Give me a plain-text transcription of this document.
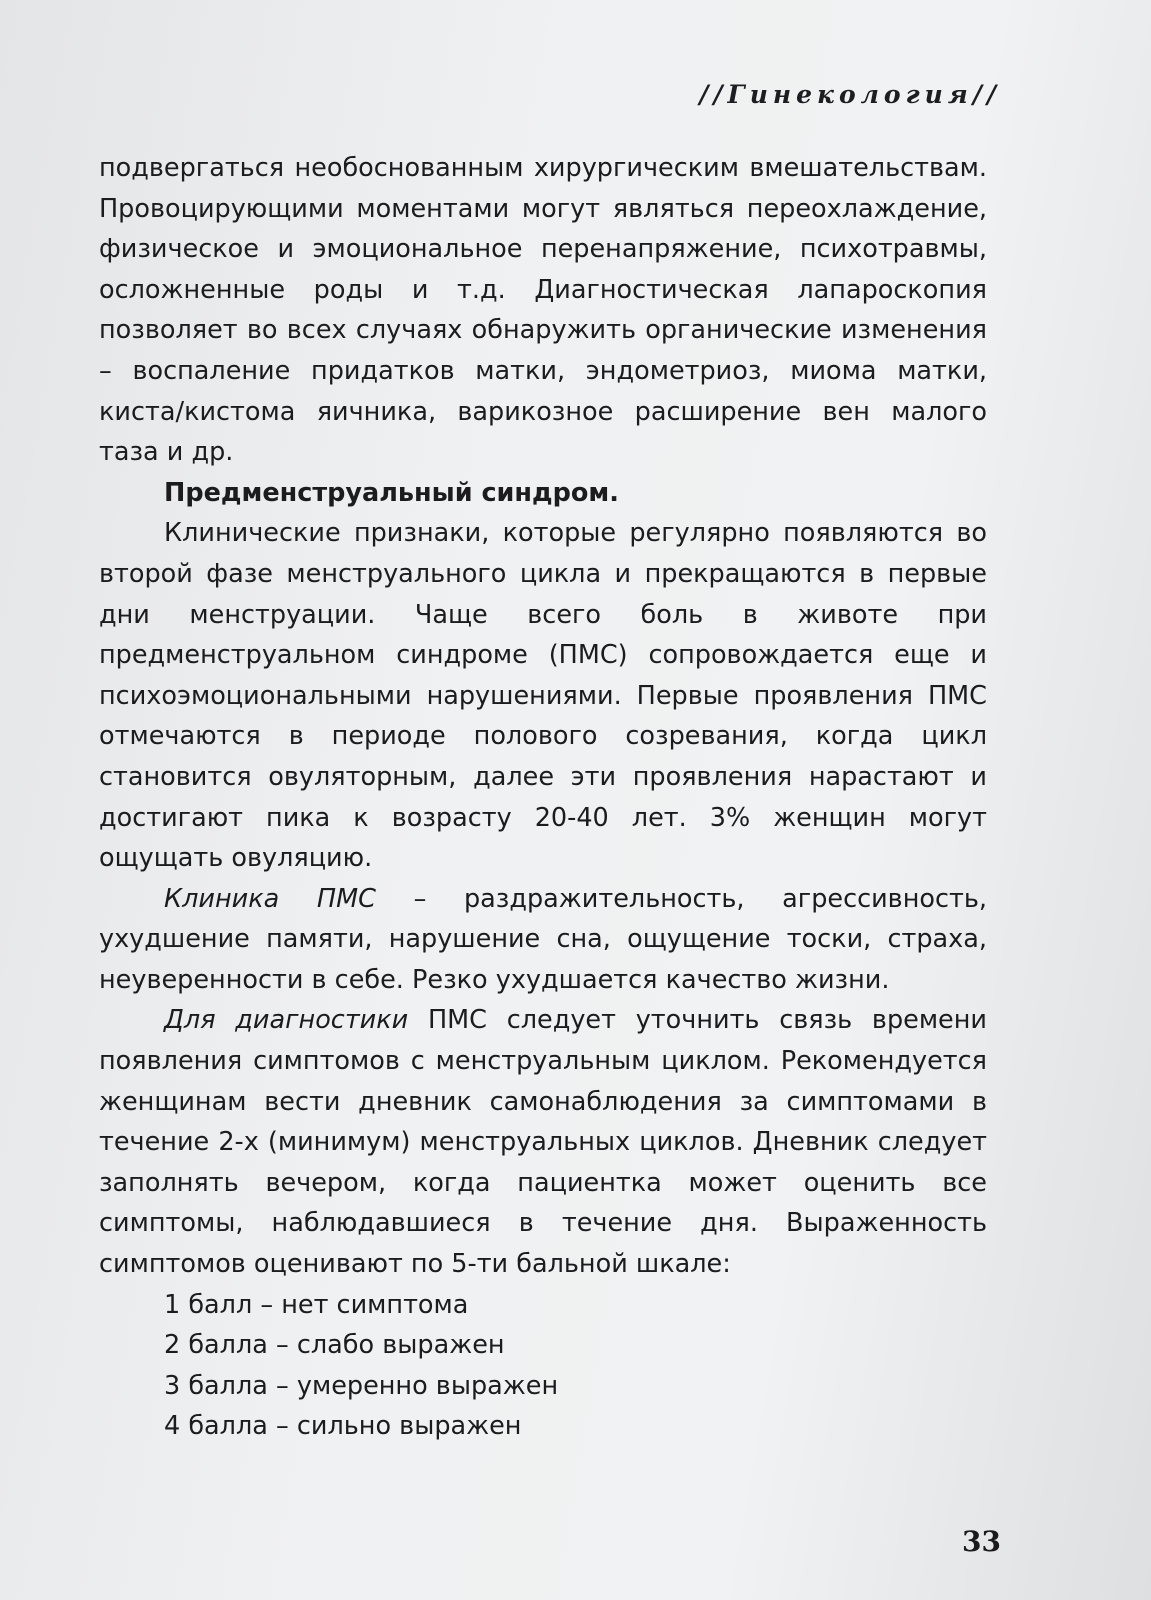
//Гинекология//

подвергаться необоснованным хирургическим вмешательствам. Провоцирующими моментами могут являться переохлаждение, физическое и эмоциональное перенапряжение, психотравмы, осложненные роды и т.д. Диагностическая лапароскопия позволяет во всех случаях обнаружить органические изменения – воспаление придатков матки, эндометриоз, миома матки, киста/кистома яичника, варикозное расширение вен малого таза и др.

Предменструальный синдром.

Клинические признаки, которые регулярно появляются во второй фазе менструального цикла и прекращаются в первые дни менструации. Чаще всего боль в животе при предменструальном синдроме (ПМС) сопровождается еще и психоэмоциональными нарушениями. Первые проявления ПМС отмечаются в периоде полового созревания, когда цикл становится овуляторным, далее эти проявления нарастают и достигают пика к возрасту 20-40 лет. 3% женщин могут ощущать овуляцию.

Клиника ПМС – раздражительность, агрессивность, ухудшение памяти, нарушение сна, ощущение тоски, страха, неуверенности в себе. Резко ухудшается качество жизни.

Для диагностики ПМС следует уточнить связь времени появления симптомов с менструальным циклом. Рекомендуется женщинам вести дневник самонаблюдения за симптомами в течение 2-х (минимум) менструальных циклов. Дневник следует заполнять вечером, когда пациентка может оценить все симптомы, наблюдавшиеся в течение дня. Выраженность симптомов оценивают по 5-ти бальной шкале:

1 балл – нет симптома
2 балла – слабо выражен
3 балла – умеренно выражен
4 балла – сильно выражен
33
